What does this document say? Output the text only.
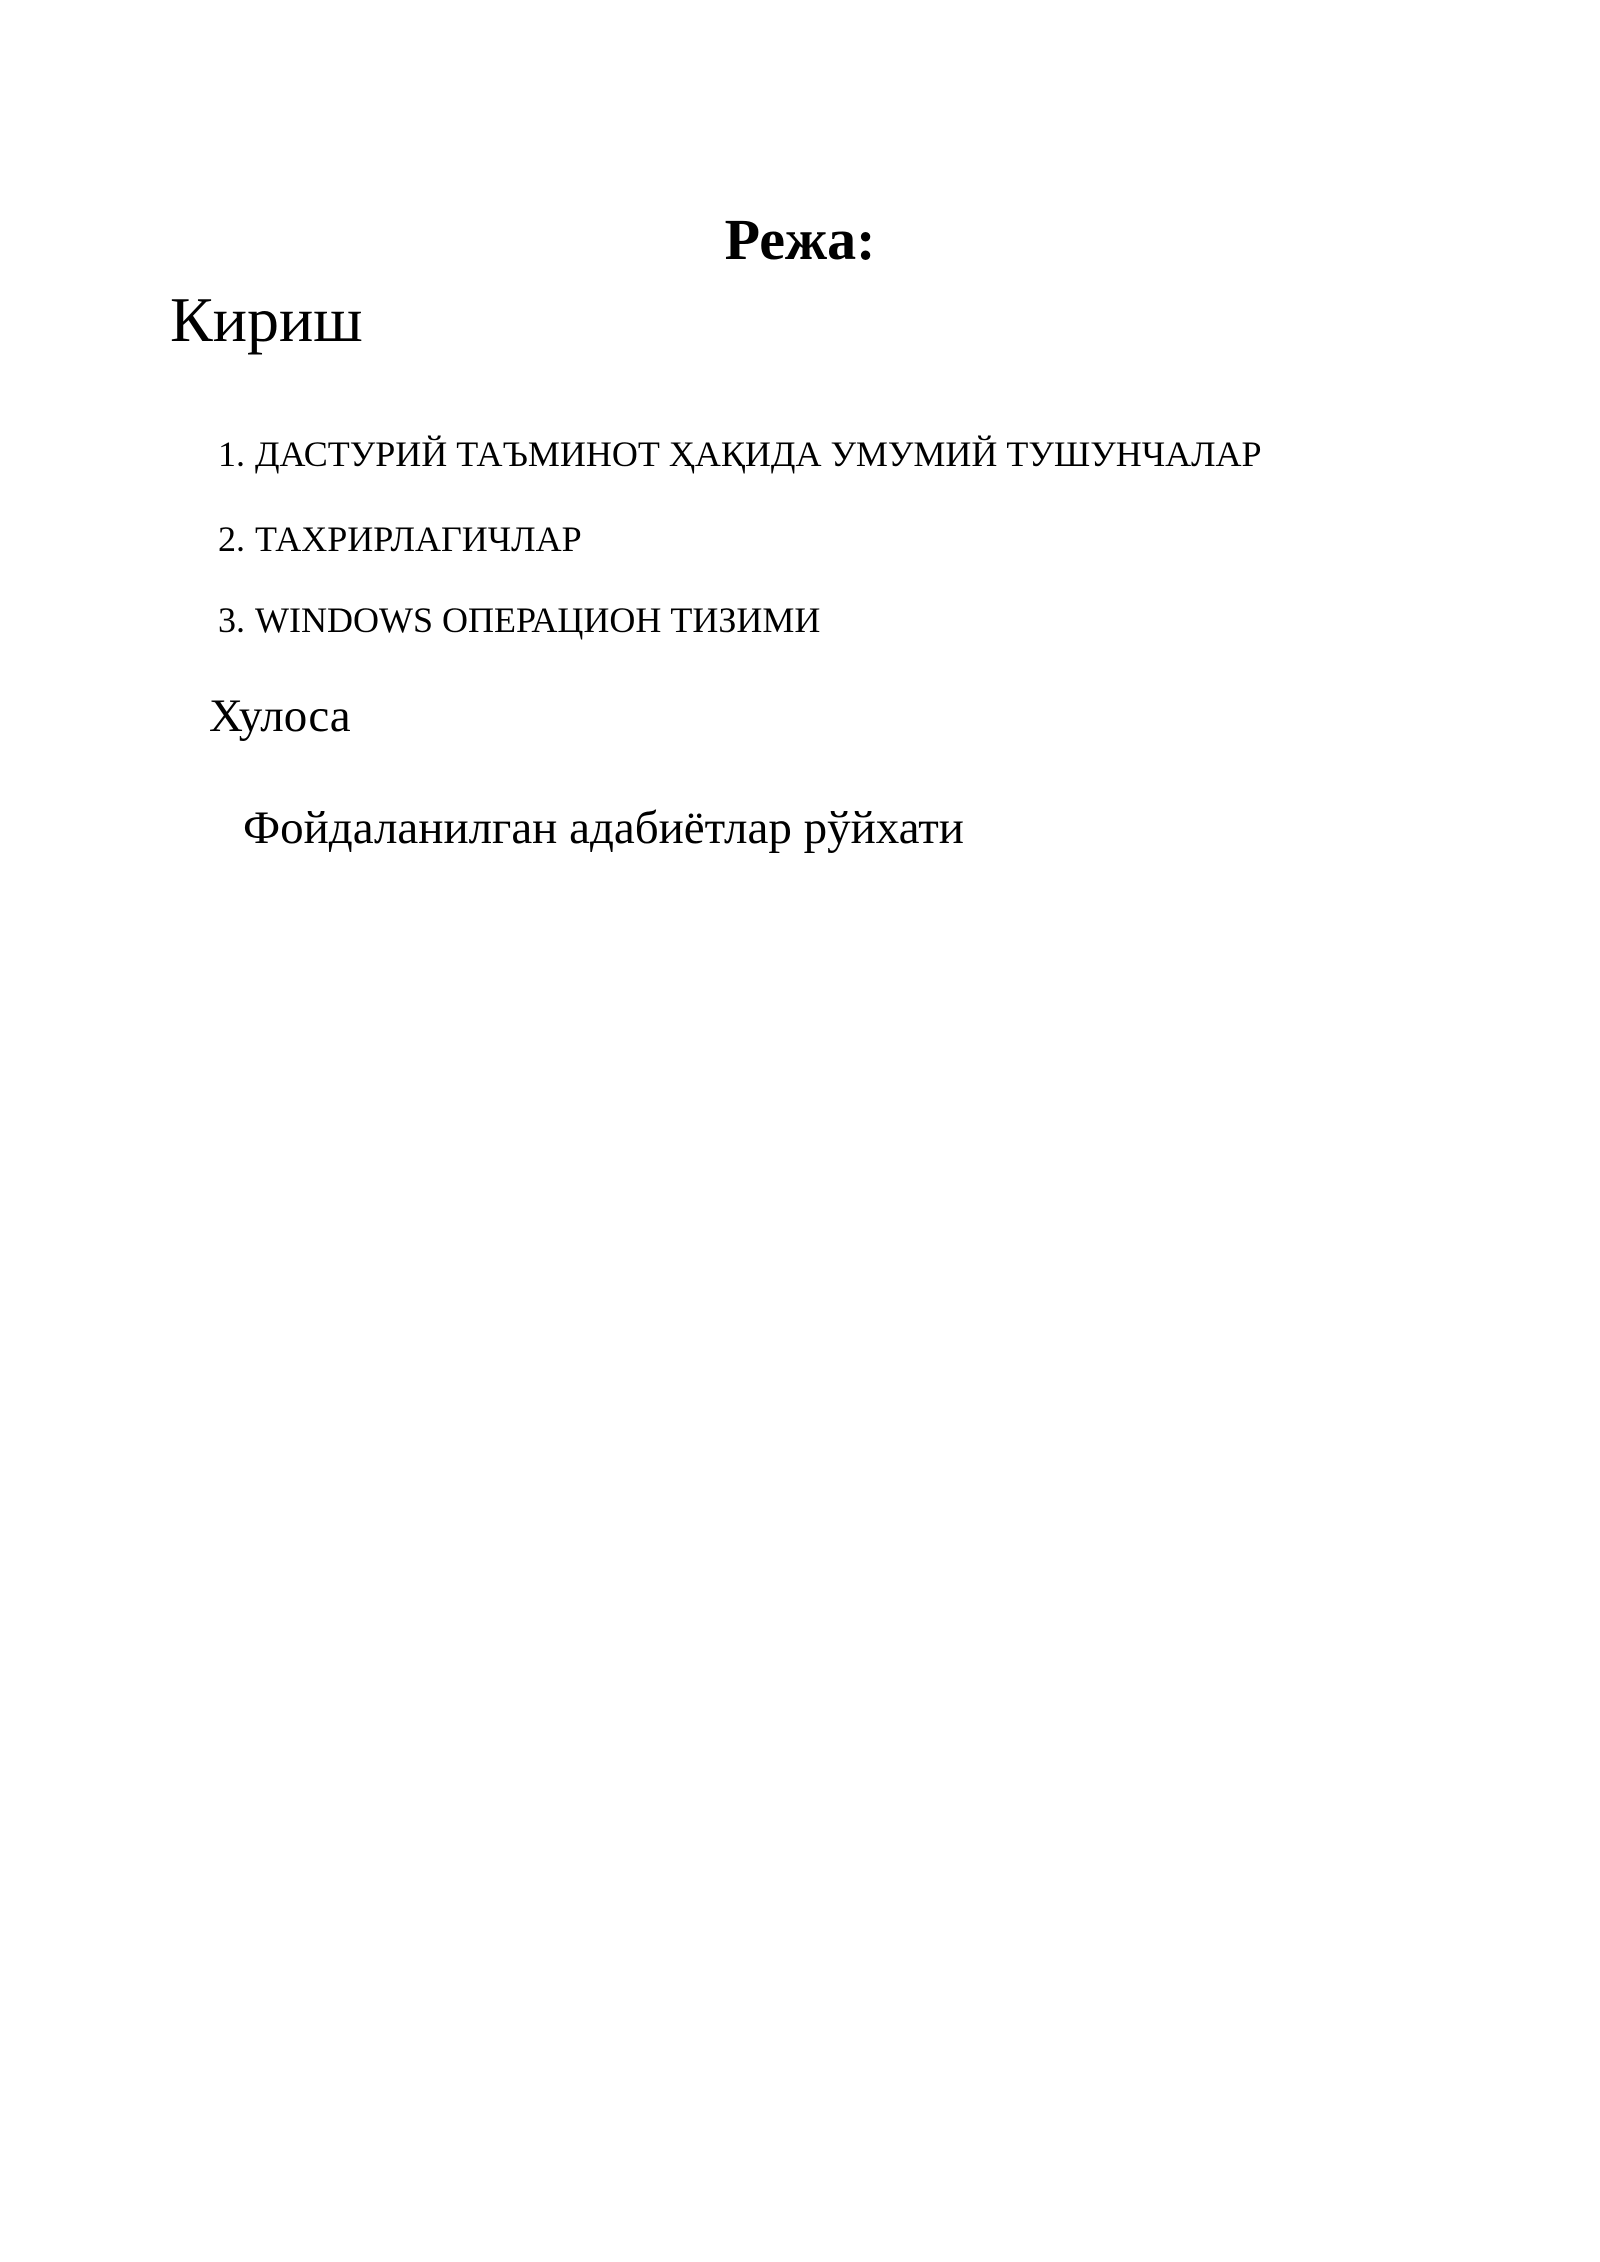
Режа:
Кириш
1. ДАСТУРИЙ ТАЪМИНОТ ҲАҚИДА УМУМИЙ ТУШУНЧАЛАР
2. ТАХРИРЛАГИЧЛАР
3. WINDOWS ОПЕРАЦИОН ТИЗИМИ
Хулоса
Фойдаланилган адабиётлар рўйхати
